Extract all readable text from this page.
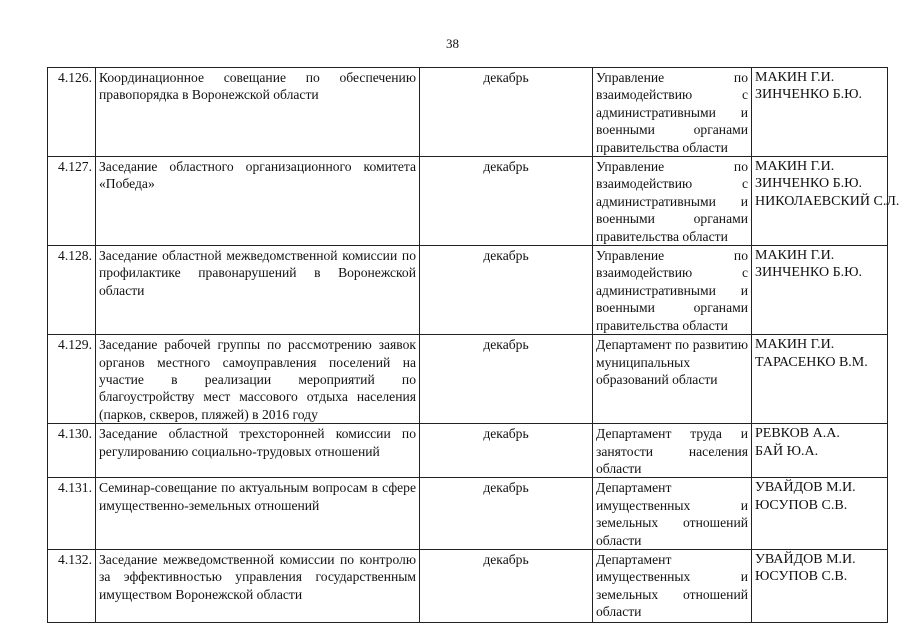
38
4.126.	Координационное совещание по обеспечению правопорядка в Воронежской области	декабрь	Управление по взаимодействию с административными и военными органами правительства области	МАКИН Г.И.
ЗИНЧЕНКО Б.Ю.

4.127.	Заседание областного организационного комитета «Победа»	декабрь	Управление по взаимодействию с административными и военными органами правительства области	МАКИН Г.И.
ЗИНЧЕНКО Б.Ю.
НИКОЛАЕВСКИЙ С.Л.

4.128.	Заседание областной межведомственной комиссии по профилактике правонарушений в Воронежской области	декабрь	Управление по взаимодействию с административными и военными органами правительства области	МАКИН Г.И.
ЗИНЧЕНКО Б.Ю.

4.129.	Заседание рабочей группы по рассмотрению заявок органов местного самоуправления поселений на участие в реализации мероприятий по благоустройству мест массового отдыха населения (парков, скверов, пляжей) в 2016 году	декабрь	Департамент по развитию муниципальных образований области	МАКИН Г.И.
ТАРАСЕНКО В.М.

4.130.	Заседание областной трехсторонней комиссии по регулированию социально-трудовых отношений	декабрь	Департамент труда и занятости населения области	РЕВКОВ А.А.
БАЙ Ю.А.

4.131.	Семинар-совещание по актуальным вопросам в сфере имущественно-земельных отношений	декабрь	Департамент имущественных и земельных отношений области	УВАЙДОВ М.И.
ЮСУПОВ С.В.

4.132.	Заседание межведомственной комиссии по контролю за эффективностью управления государственным имуществом Воронежской области	декабрь	Департамент имущественных и земельных отношений области	УВАЙДОВ М.И.
ЮСУПОВ С.В.
